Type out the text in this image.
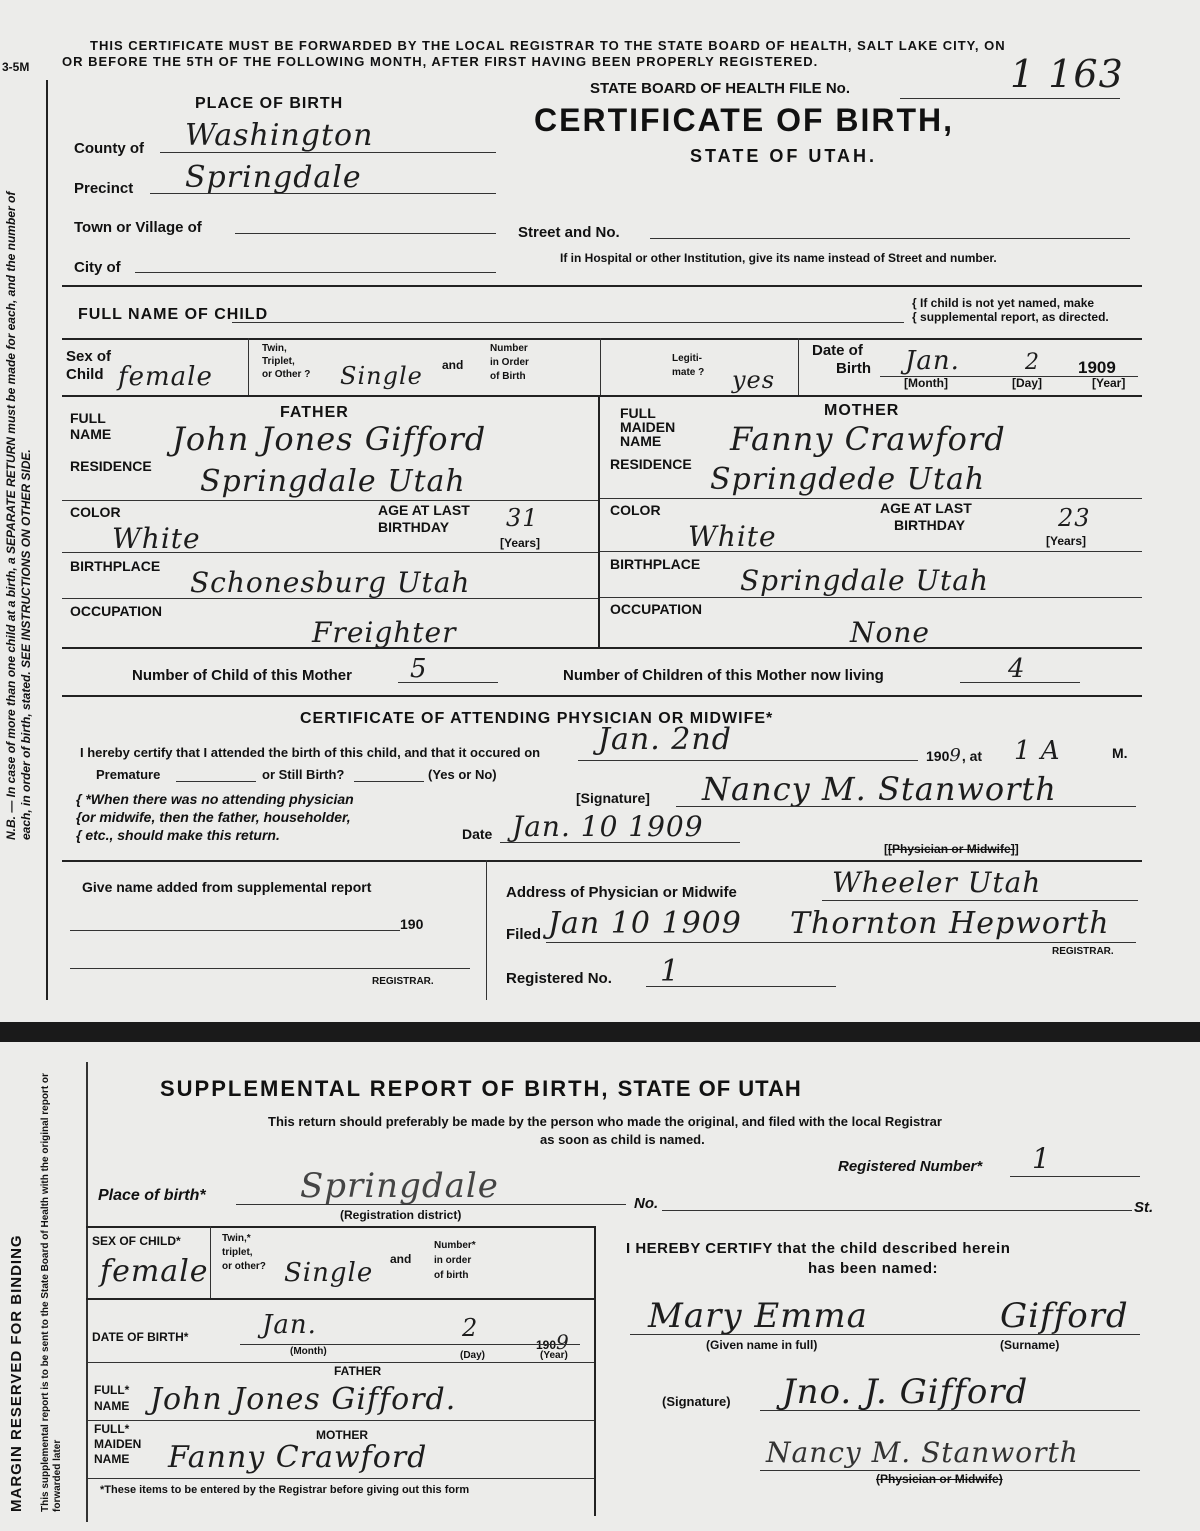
THIS CERTIFICATE MUST BE FORWARDED BY THE LOCAL REGISTRAR TO THE STATE BOARD OF HEALTH, SALT LAKE CITY, ON
OR BEFORE THE 5TH OF THE FOLLOWING MONTH, AFTER FIRST HAVING BEEN PROPERLY REGISTERED.
3-5M
STATE BOARD OF HEALTH FILE No.	1 163
CERTIFICATE OF BIRTH,
STATE OF UTAH.
N.B. — In case of more than one child at a birth, a SEPARATE RETURN must be made for each, and the number of each, in order of birth, stated. SEE INSTRUCTIONS ON OTHER SIDE.
PLACE OF BIRTH
County of Washington
Precinct Springdale
Town or Village of	Street and No.
If in Hospital or other Institution, give its name instead of Street and number.
City of
FULL NAME OF CHILD
{ If child is not yet named, make
{ supplemental report, as directed.
Sex of
Child female
Twin,
Triplet,
or Other ? Single and
Number
in Order
of Birth
Legiti-
mate ? yes
Date of
Birth Jan.	2 1909
[Month]	[Day]	[Year]
FULL
NAME
FATHER
John Jones Gifford
RESIDENCE Springdale Utah
COLOR
White
AGE AT LAST
BIRTHDAY	31
[Years]
BIRTHPLACE Schonesburg Utah
OCCUPATION
Freighter
FULL
MAIDEN
NAME
MOTHER
Fanny Crawford
RESIDENCE Springdede Utah
COLOR
White
AGE AT LAST
BIRTHDAY	23
[Years]
BIRTHPLACE Springdale Utah
OCCUPATION
None
Number of Child of this Mother 5	Number of Children of this Mother now living	4
CERTIFICATE OF ATTENDING PHYSICIAN OR MIDWIFE*
I hereby certify that I attended the birth of this child, and that it occured on Jan. 2nd	1909, at 1 A	M.
Premature	or Still Birth?	(Yes or No)
{ *When there was no attending physician
{or midwife, then the father, householder,
{ etc., should make this return.
[Signature] Nancy M. Stanworth
Date Jan. 10 1909
[[Physician or Midwife]]
Give name added from supplemental report
190
REGISTRAR.
Address of Physician or Midwife	Wheeler Utah
Filed Jan 10 1909 Thornton Hepworth
REGISTRAR.
Registered No. 1
MARGIN RESERVED FOR BINDING This supplemental report is to be sent to the State Board of Health with the original report or forwarded later
SUPPLEMENTAL REPORT OF BIRTH, STATE OF UTAH
This return should preferably be made by the person who made the original, and filed with the local Registrar
as soon as child is named.
Registered Number* 1
Place of birth*	Springdale
(Registration district)
No.	St.
SEX OF CHILD*
female
Twin,*
triplet,
or other? Single and
Number*
in order
of birth
DATE OF BIRTH*	Jan.	2
1909
(Month)	(Day)	(Year)
FATHER
FULL*
NAME John Jones Gifford.
MOTHER
FULL*
MAIDEN
NAME	Fanny Crawford
*These items to be entered by the Registrar before giving out this form
I HEREBY CERTIFY that the child described herein
has been named:
Mary Emma	Gifford
(Given name in full)	(Surname)
(Signature) Jno. J. Gifford
Nancy M. Stanworth
(Physician or Midwife)
